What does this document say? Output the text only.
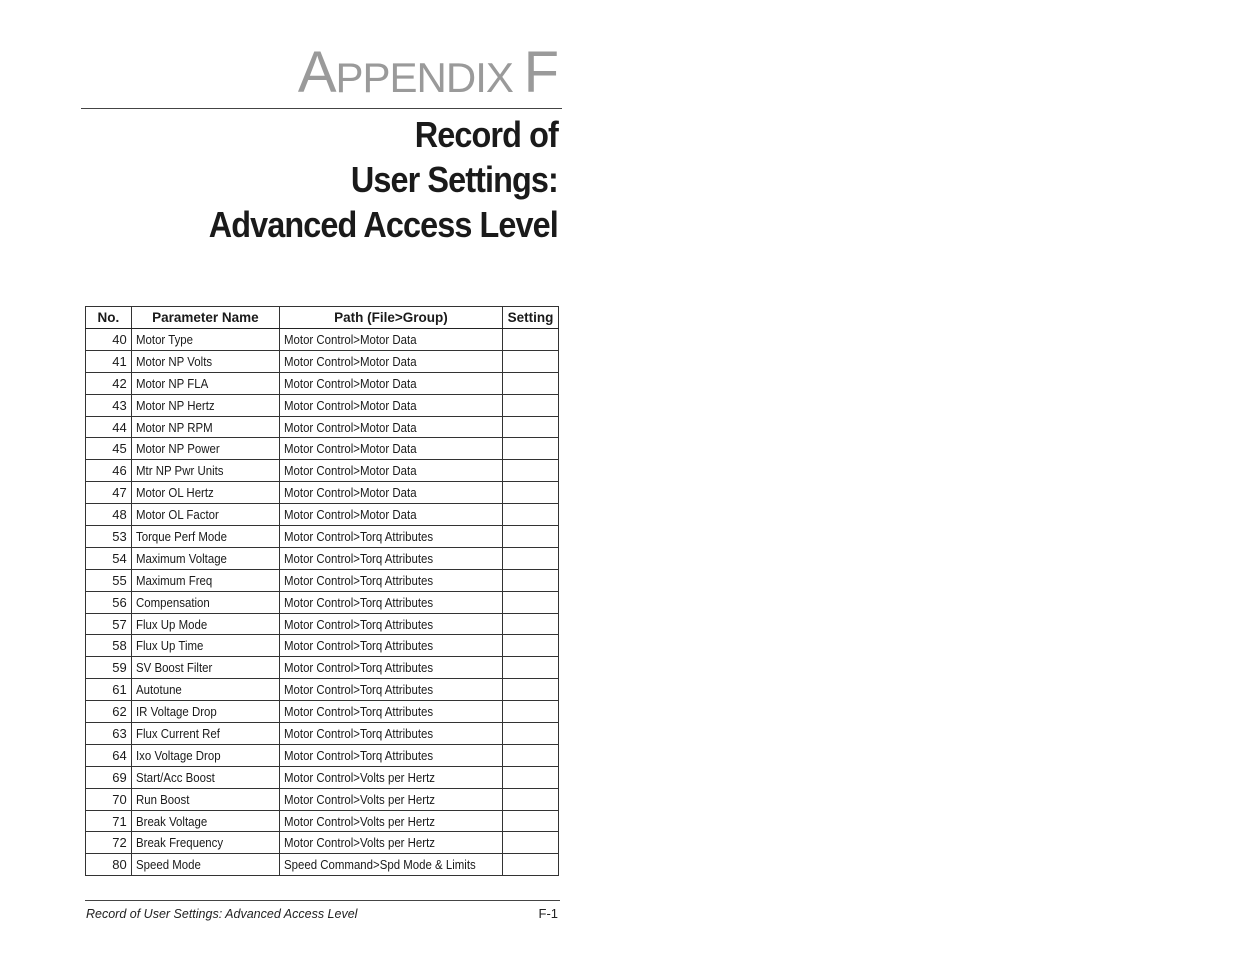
APPENDIX F
Record of
User Settings:
Advanced Access Level
No.	Parameter Name	Path (File>Group)	Setting
40	Motor Type	Motor Control>Motor Data	
41	Motor NP Volts	Motor Control>Motor Data	
42	Motor NP FLA	Motor Control>Motor Data	
43	Motor NP Hertz	Motor Control>Motor Data	
44	Motor NP RPM	Motor Control>Motor Data	
45	Motor NP Power	Motor Control>Motor Data	
46	Mtr NP Pwr Units	Motor Control>Motor Data	
47	Motor OL Hertz	Motor Control>Motor Data	
48	Motor OL Factor	Motor Control>Motor Data	
53	Torque Perf Mode	Motor Control>Torq Attributes	
54	Maximum Voltage	Motor Control>Torq Attributes	
55	Maximum Freq	Motor Control>Torq Attributes	
56	Compensation	Motor Control>Torq Attributes	
57	Flux Up Mode	Motor Control>Torq Attributes	
58	Flux Up Time	Motor Control>Torq Attributes	
59	SV Boost Filter	Motor Control>Torq Attributes	
61	Autotune	Motor Control>Torq Attributes	
62	IR Voltage Drop	Motor Control>Torq Attributes	
63	Flux Current Ref	Motor Control>Torq Attributes	
64	Ixo Voltage Drop	Motor Control>Torq Attributes	
69	Start/Acc Boost	Motor Control>Volts per Hertz	
70	Run Boost	Motor Control>Volts per Hertz	
71	Break Voltage	Motor Control>Volts per Hertz	
72	Break Frequency	Motor Control>Volts per Hertz	
80	Speed Mode	Speed Command>Spd Mode & Limits	
Record of User Settings: Advanced Access Level	F-1
